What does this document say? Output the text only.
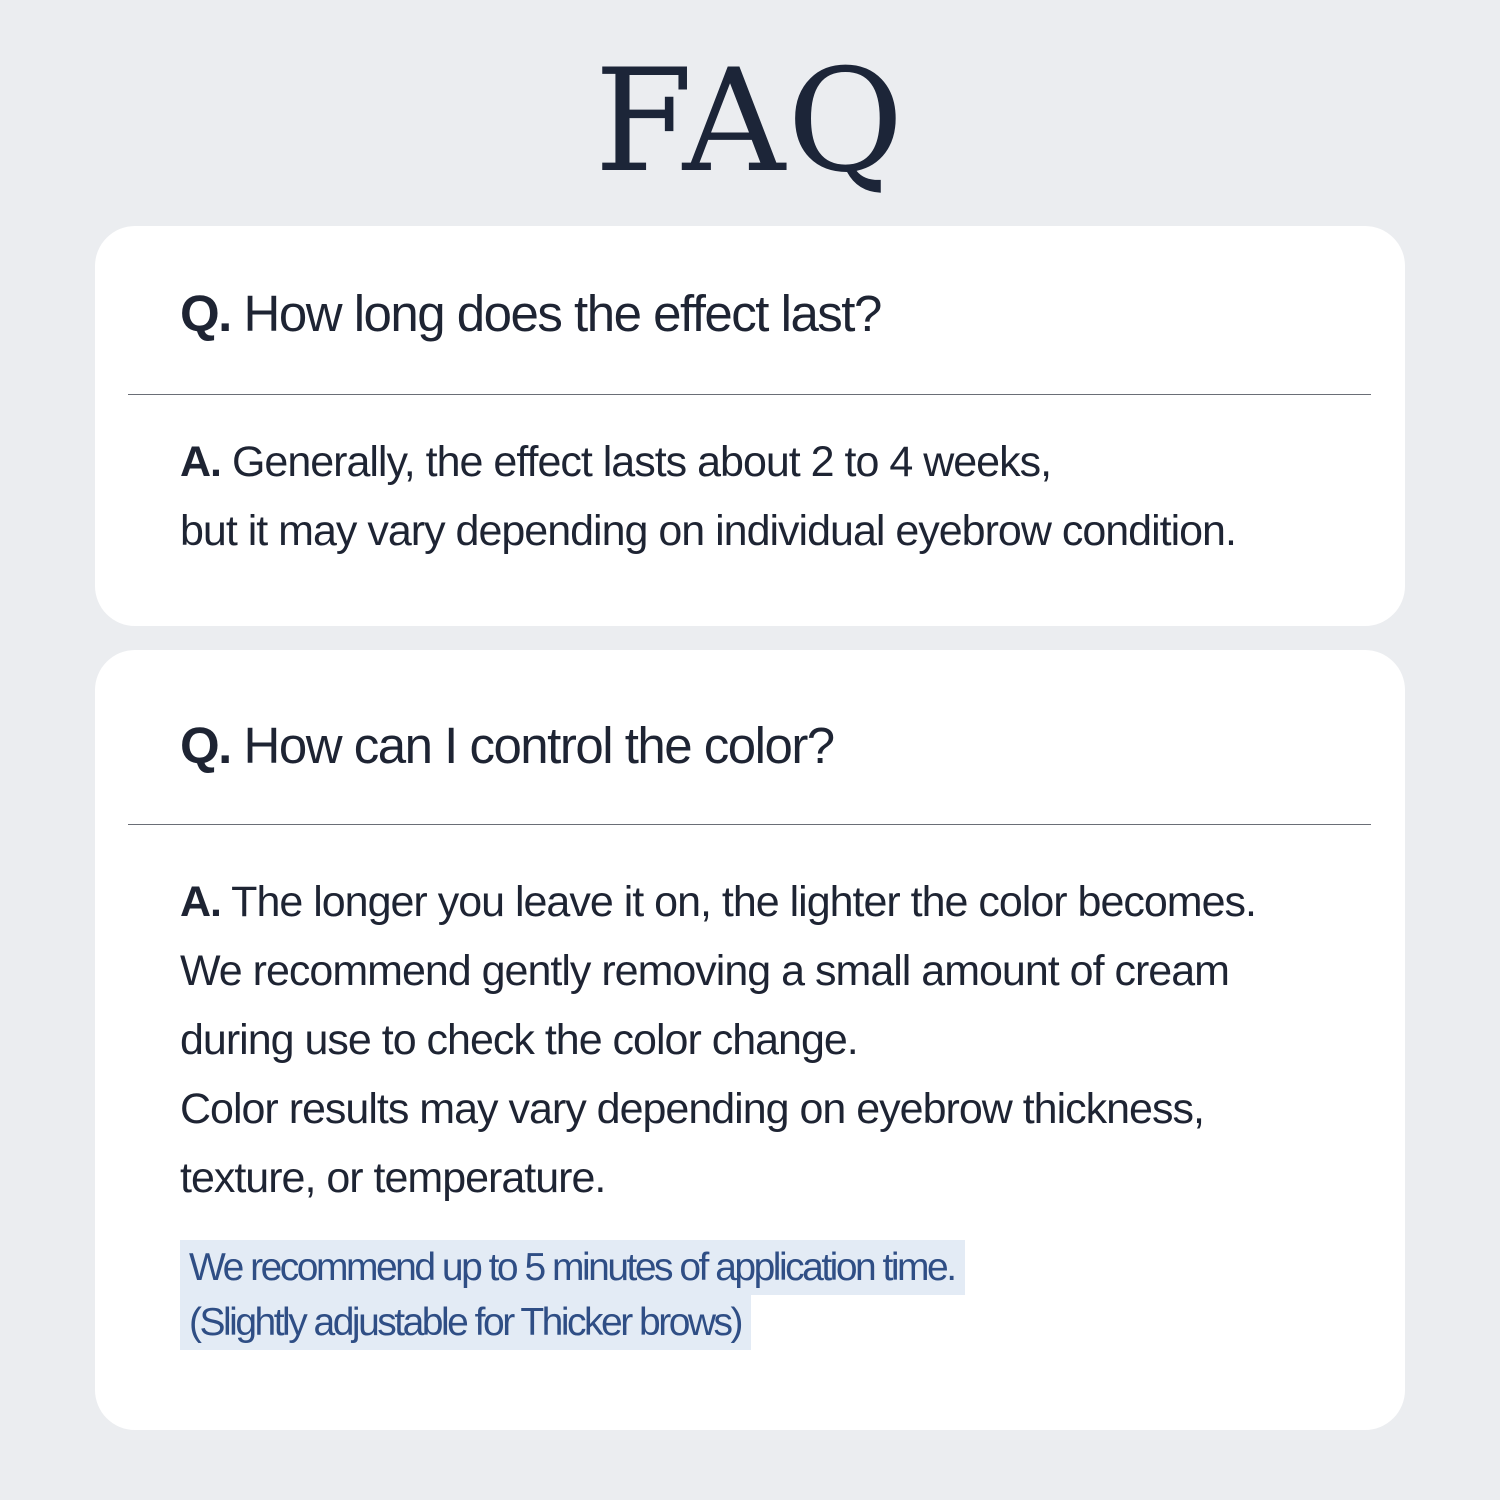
FAQ
Q. How long does the effect last?
A. Generally, the effect lasts about 2 to 4 weeks,
but it may vary depending on individual eyebrow condition.
Q. How can I control the color?
A. The longer you leave it on, the lighter the color becomes.
We recommend gently removing a small amount of cream
during use to check the color change.
Color results may vary depending on eyebrow thickness,
texture, or temperature.
We recommend up to 5 minutes of application time.
(Slightly adjustable for Thicker brows)
